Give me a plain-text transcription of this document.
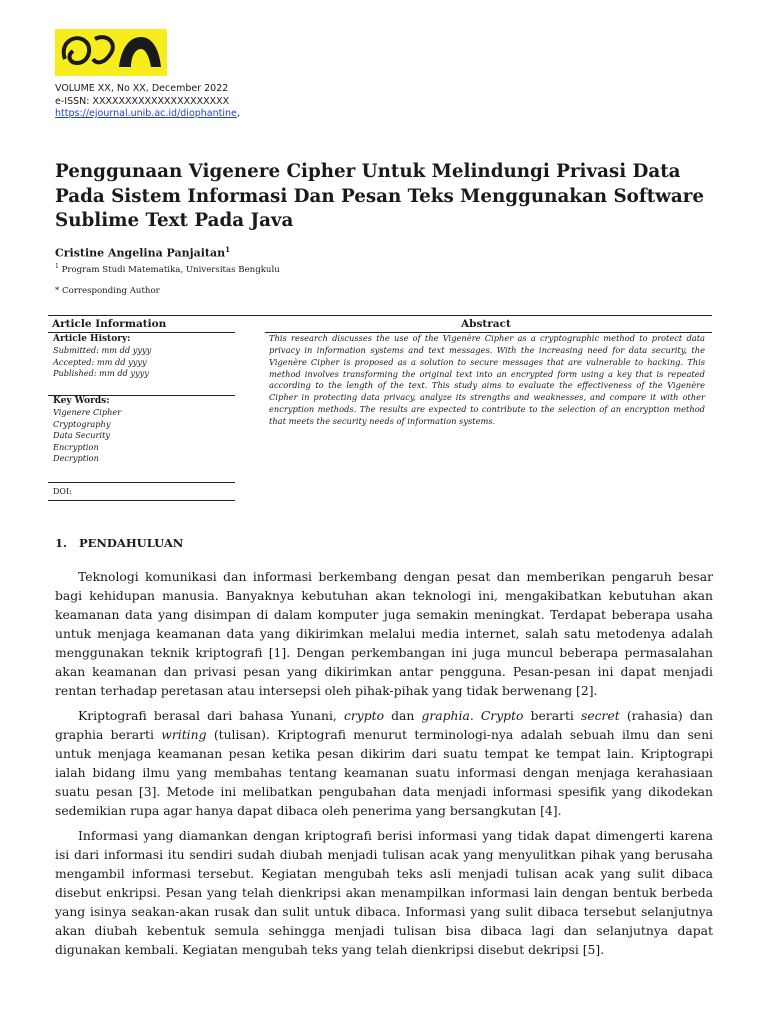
VOLUME XX, No XX, December 2022
e-ISSN: XXXXXXXXXXXXXXXXXXXXX
https://ejournal.unib.ac.id/diophantine,
Penggunaan Vigenere Cipher Untuk Melindungi Privasi Data Pada Sistem Informasi Dan Pesan Teks Menggunakan Software Sublime Text Pada Java
Cristine Angelina Panjaitan$^1$
$^1$ Program Studi Matematika, Universitas Bengkulu
* Corresponding Author
Article Information	Abstract
Article History:
Submitted: mm dd yyyy
Accepted: mm dd yyyy
Published: mm dd yyyy
Key Words:
Vigenere Cipher
Cryptography
Data Security
Encryption
Decryption
DOI:

This research discusses the use of the Vigenère Cipher as a cryptographic method to protect data privacy in information systems and text messages. With the increasing need for data security, the Vigenère Cipher is proposed as a solution to secure messages that are vulnerable to hacking. This method involves transforming the original text into an encrypted form using a key that is repeated according to the length of the text. This study aims to evaluate the effectiveness of the Vigenère Cipher in protecting data privacy, analyze its strengths and weaknesses, and compare it with other encryption methods. The results are expected to contribute to the selection of an encryption method that meets the security needs of information systems.

1. PENDAHULUAN

Teknologi komunikasi dan informasi berkembang dengan pesat dan memberikan pengaruh besar bagi kehidupan manusia. Banyaknya kebutuhan akan teknologi ini, mengakibatkan kebutuhan akan keamanan data yang disimpan di dalam komputer juga semakin meningkat. Terdapat beberapa usaha untuk menjaga keamanan data yang dikirimkan melalui media internet, salah satu metodenya adalah menggunakan teknik kriptografi [1]. Dengan perkembangan ini juga muncul beberapa permasalahan akan keamanan dan privasi pesan yang dikirimkan antar pengguna. Pesan-pesan ini dapat menjadi rentan terhadap peretasan atau intersepsi oleh pihak-pihak yang tidak berwenang [2].

Kriptografi berasal dari bahasa Yunani, crypto dan graphia. Crypto berarti secret (rahasia) dan graphia berarti writing (tulisan). Kriptografi menurut terminologi-nya adalah sebuah ilmu dan seni untuk menjaga keamanan pesan ketika pesan dikirim dari suatu tempat ke tempat lain. Kriptograpi ialah bidang ilmu yang membahas tentang keamanan suatu informasi dengan menjaga kerahasiaan suatu pesan [3]. Metode ini melibatkan pengubahan data menjadi informasi spesifik yang dikodekan sedemikian rupa agar hanya dapat dibaca oleh penerima yang bersangkutan [4].

Informasi yang diamankan dengan kriptografi berisi informasi yang tidak dapat dimengerti karena isi dari informasi itu sendiri sudah diubah menjadi tulisan acak yang menyulitkan pihak yang berusaha mengambil informasi tersebut. Kegiatan mengubah teks asli menjadi tulisan acak yang sulit dibaca disebut enkripsi. Pesan yang telah dienkripsi akan menampilkan informasi lain dengan bentuk berbeda yang isinya seakan-akan rusak dan sulit untuk dibaca. Informasi yang sulit dibaca tersebut selanjutnya akan diubah kebentuk semula sehingga menjadi tulisan bisa dibaca lagi dan selanjutnya dapat digunakan kembali. Kegiatan mengubah teks yang telah dienkripsi disebut dekripsi [5].
